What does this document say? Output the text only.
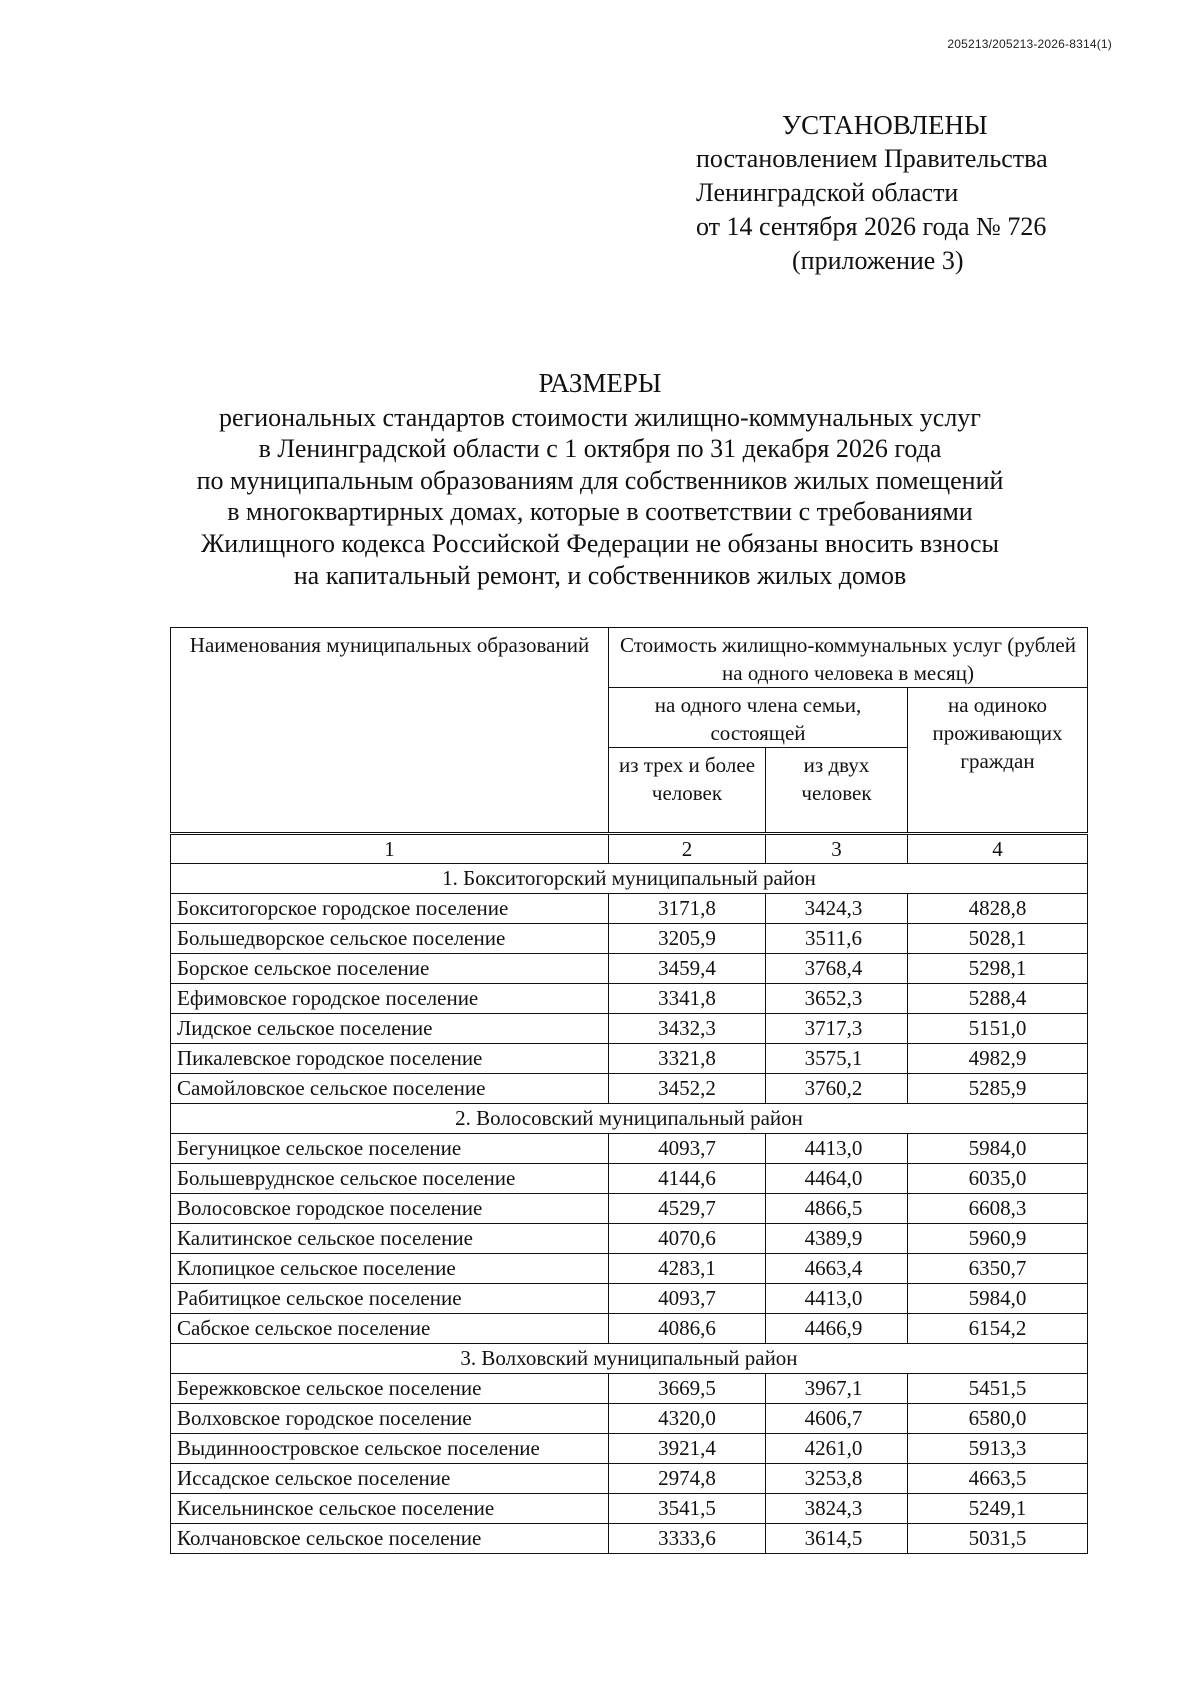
205213/205213-2026-8314(1)
УСТАНОВЛЕНЫ
постановлением Правительства
Ленинградской области
от 14 сентября 2026 года № 726
(приложение 3)
РАЗМЕРЫ
региональных стандартов стоимости жилищно-коммунальных услуг
в Ленинградской области с 1 октября по 31 декабря 2026 года
по муниципальным образованиям для собственников жилых помещений
в многоквартирных домах, которые в соответствии с требованиями
Жилищного кодекса Российской Федерации не обязаны вносить взносы
на капитальный ремонт, и собственников жилых домов
Наименования муниципальных образований	Стоимость жилищно-коммунальных услуг (рублей на одного человека в месяц)		
	на одного члена семьи, состоящей		на одиноко проживающих граждан
	из трех и более человек	из двух человек	
1	2	3	4
1. Бокситогорский муниципальный район			
Бокситогорское городское поселение	3171,8	3424,3	4828,8
Большедворское сельское поселение	3205,9	3511,6	5028,1
Борское сельское поселение	3459,4	3768,4	5298,1
Ефимовское городское поселение	3341,8	3652,3	5288,4
Лидское сельское поселение	3432,3	3717,3	5151,0
Пикалевское городское поселение	3321,8	3575,1	4982,9
Самойловское сельское поселение	3452,2	3760,2	5285,9
2. Волосовский муниципальный район			
Бегуницкое сельское поселение	4093,7	4413,0	5984,0
Большевруднское сельское поселение	4144,6	4464,0	6035,0
Волосовское городское поселение	4529,7	4866,5	6608,3
Калитинское сельское поселение	4070,6	4389,9	5960,9
Клопицкое сельское поселение	4283,1	4663,4	6350,7
Рабитицкое сельское поселение	4093,7	4413,0	5984,0
Сабское сельское поселение	4086,6	4466,9	6154,2
3. Волховский муниципальный район			
Бережковское сельское поселение	3669,5	3967,1	5451,5
Волховское городское поселение	4320,0	4606,7	6580,0
Выдинноостровское сельское поселение	3921,4	4261,0	5913,3
Иссадское сельское поселение	2974,8	3253,8	4663,5
Кисельнинское сельское поселение	3541,5	3824,3	5249,1
Колчановское сельское поселение	3333,6	3614,5	5031,5
